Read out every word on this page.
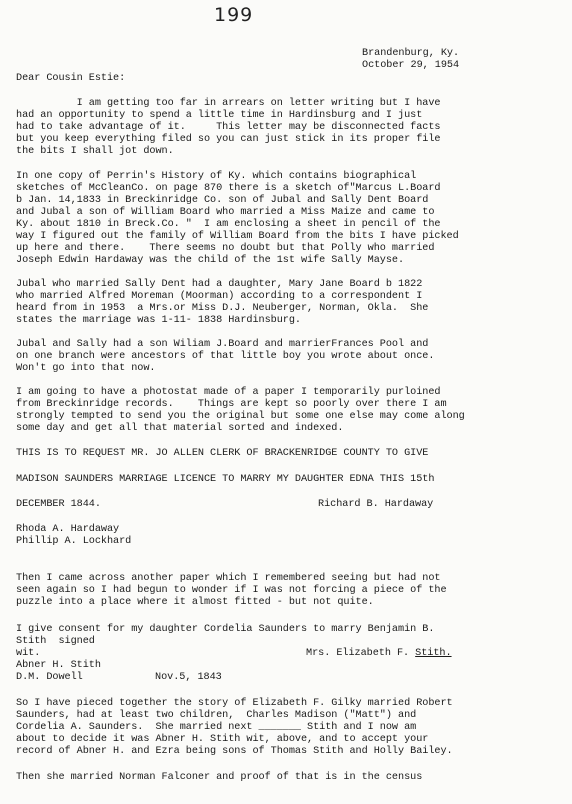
199
Brandenburg, Ky.
October 29, 1954
Dear Cousin Estie:
I am getting too far in arrears on letter writing but I have
had an opportunity to spend a little time in Hardinsburg and I just
had to take advantage of it.     This letter may be disconnected facts
but you keep everything filed so you can just stick in its proper file
the bits I shall jot down.
In one copy of Perrin's History of Ky. which contains biographical
sketches of McCleanCo. on page 870 there is a sketch of"Marcus L.Board
b Jan. 14,1833 in Breckinridge Co. son of Jubal and Sally Dent Board
and Jubal a son of William Board who married a Miss Maize and came to
Ky. about 1810 in Breck.Co. "  I am enclosing a sheet in pencil of the
way I figured out the family of William Board from the bits I have picked
up here and there.    There seems no doubt but that Polly who married
Joseph Edwin Hardaway was the child of the 1st wife Sally Mayse.
Jubal who married Sally Dent had a daughter, Mary Jane Board b 1822
who married Alfred Moreman (Moorman) according to a correspondent I
heard from in 1953  a Mrs.or Miss D.J. Neuberger, Norman, Okla.  She
states the marriage was 1-11- 1838 Hardinsburg.
Jubal and Sally had a son Wiliam J.Board and marrierFrances Pool and
on one branch were ancestors of that little boy you wrote about once.
Won't go into that now.
I am going to have a photostat made of a paper I temporarily purloined
from Breckinridge records.    Things are kept so poorly over there I am
strongly tempted to send you the original but some one else may come along
some day and get all that material sorted and indexed.
THIS IS TO REQUEST MR. JO ALLEN CLERK OF BRACKENRIDGE COUNTY TO GIVE
MADISON SAUNDERS MARRIAGE LICENCE TO MARRY MY DAUGHTER EDNA THIS 15th
DECEMBER 1844.	Richard B. Hardaway
Rhoda A. Hardaway
Phillip A. Lockhard
Then I came across another paper which I remembered seeing but had not
seen again so I had begun to wonder if I was not forcing a piece of the
puzzle into a place where it almost fitted - but not quite.
I give consent for my daughter Cordelia Saunders to marry Benjamin B.
Stith  signed
wit.	Mrs. Elizabeth F. Stith.
Abner H. Stith
D.M. Dowell	Nov.5, 1843
So I have pieced together the story of Elizabeth F. Gilky married Robert
Saunders, had at least two children,  Charles Madison ("Matt") and
Cordelia A. Saunders.  She married next _______ Stith and I now am
about to decide it was Abner H. Stith wit, above, and to accept your
record of Abner H. and Ezra being sons of Thomas Stith and Holly Bailey.
Then she married Norman Falconer and proof of that is in the census
